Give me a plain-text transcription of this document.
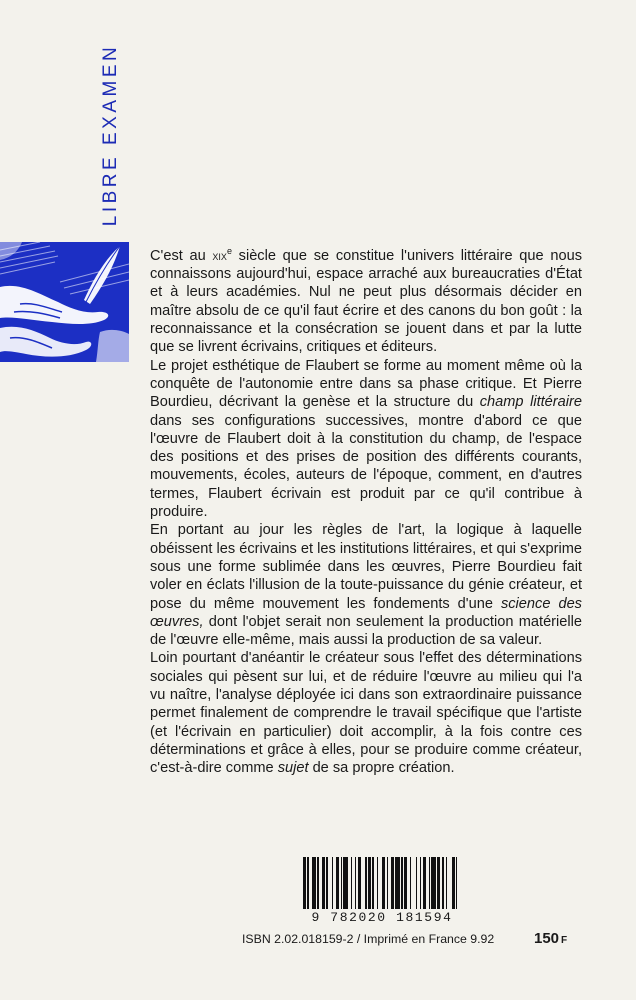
LIBRE EXAMEN

C'est au xix$^e$ siècle que se constitue l'univers littéraire que nous connaissons aujourd'hui, espace arraché aux bureaucraties d'État et à leurs académies. Nul ne peut plus désormais décider en maître absolu de ce qu'il faut écrire et des canons du bon goût : la reconnaissance et la consécration se jouent dans et par la lutte que se livrent écrivains, critiques et éditeurs.

Le projet esthétique de Flaubert se forme au moment même où la conquête de l'autonomie entre dans sa phase critique. Et Pierre Bourdieu, décrivant la genèse et la structure du champ littéraire dans ses configurations successives, montre d'abord ce que l'œuvre de Flaubert doit à la constitution du champ, de l'espace des positions et des prises de position des différents courants, mouvements, écoles, auteurs de l'époque, comment, en d'autres termes, Flaubert écrivain est produit par ce qu'il contribue à produire.

En portant au jour les règles de l'art, la logique à laquelle obéissent les écrivains et les institutions littéraires, et qui s'exprime sous une forme sublimée dans les œuvres, Pierre Bourdieu fait voler en éclats l'illusion de la toute-puissance du génie créateur, et pose du même mouvement les fondements d'une science des œuvres, dont l'objet serait non seulement la production matérielle de l'œuvre elle-même, mais aussi la production de sa valeur.

Loin pourtant d'anéantir le créateur sous l'effet des déterminations sociales qui pèsent sur lui, et de réduire l'œuvre au milieu qui l'a vu naître, l'analyse déployée ici dans son extraordinaire puissance permet finalement de comprendre le travail spécifique que l'artiste (et l'écrivain en particulier) doit accomplir, à la fois contre ces déterminations et grâce à elles, pour se produire comme créateur, c'est-à-dire comme sujet de sa propre création.

9 782020 181594
ISBN 2.02.018159-2 / Imprimé en France 9.92	150 F
